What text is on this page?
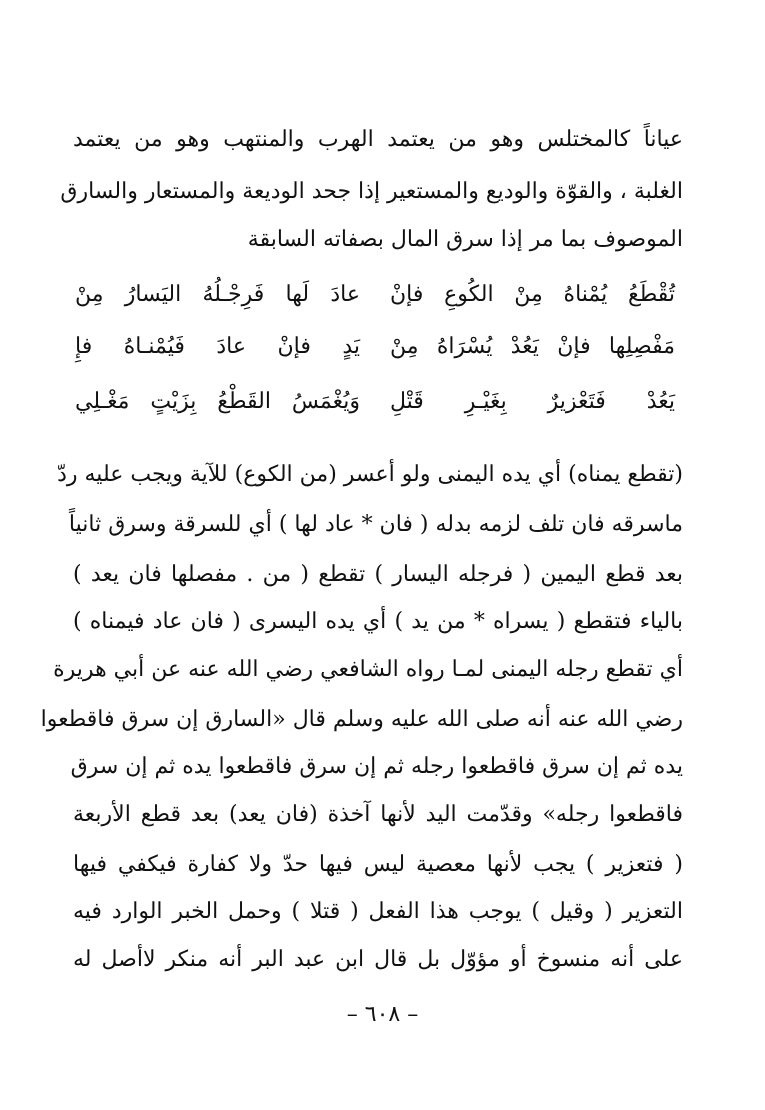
عياناً كالمختلس وهو من يعتمد الهرب والمنتهب وهو من يعتمد
الغلبة ، والقوّة والوديع والمستعير إذا جحد الوديعة والمستعار والسارق
الموصوف بما مر إذا سرق المال بصفاته السابقة
تُقْطَعُ يُمْناهُ مِنْ الكُوعِ فإنْ
عادَ لَها فَرِجْـلُهُ اليَسارُ مِنْ
مَفْصِلِها فإنْ يَعُدْ يُسْرَاهُ مِنْ
يَدٍ فإنْ عادَ فَيُمْنـاهُ فإِ
يَعُدْ فَتَعْزيرٌ بِغَيْـرِ قَتْلِ
وَيُغْمَسُ القَطْعُ بِزَيْتٍ مَغْـلِي
(تقطع يمناه) أي يده اليمنى ولو أعسر (من الكوع) للآية ويجب عليه ردّ
ماسرقه فان تلف لزمه بدله ( فان * عاد لها ) أي للسرقة وسرق ثانياً
بعد قطع اليمين ( فرجله اليسار ) تقطع ( من . مفصلها فان يعد )
بالياء فتقطع ( يسراه * من يد ) أي يده اليسرى ( فان عاد فيمناه )
أي تقطع رجله اليمنى لمـا رواه الشافعي رضي الله عنه عن أبي هريرة
رضي الله عنه أنه صلى الله عليه وسلم قال «السارق إن سرق فاقطعوا
يده ثم إن سرق فاقطعوا رجله ثم إن سرق فاقطعوا يده ثم إن سرق
فاقطعوا رجله» وقدّمت اليد لأنها آخذة (فان يعد) بعد قطع الأربعة
( فتعزير ) يجب لأنها معصية ليس فيها حدّ ولا كفارة فيكفي فيها
التعزير ( وقيل ) يوجب هذا الفعل ( قتلا ) وحمل الخبر الوارد فيه
على أنه منسوخ أو مؤوّل بل قال ابن عبد البر أنه منكر لاأصل له
– ٦٠٨ –
